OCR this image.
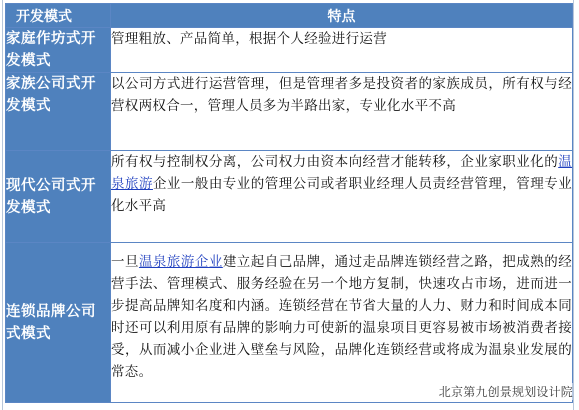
开发模式	特点
家庭作坊式开发模式	管理粗放、产品简单，根据个人经验进行运营
家族公司式开发模式	以公司方式进行运营管理，但是管理者多是投资者的家族成员，所有权与经营权两权合一，管理人员多为半路出家，专业化水平不高
现代公司式开发模式	所有权与控制权分离，公司权力由资本向经营才能转移，企业家职业化的温泉旅游企业一般由专业的管理公司或者职业经理人员责经营管理，管理专业化水平高
连锁品牌公司式模式	一旦温泉旅游企业建立起自己品牌，通过走品牌连锁经营之路，把成熟的经营手法、管理模式、服务经验在另一个地方复制，快速攻占市场，进而进一步提高品牌知名度和内涵。连锁经营在节省大量的人力、财力和时间成本同时还可以利用原有品牌的影响力可使新的温泉项目更容易被市场被消费者接受，从而减小企业进入壁垒与风险，品牌化连锁经营或将成为温泉业发展的常态。
北京第九创景规划设计院
